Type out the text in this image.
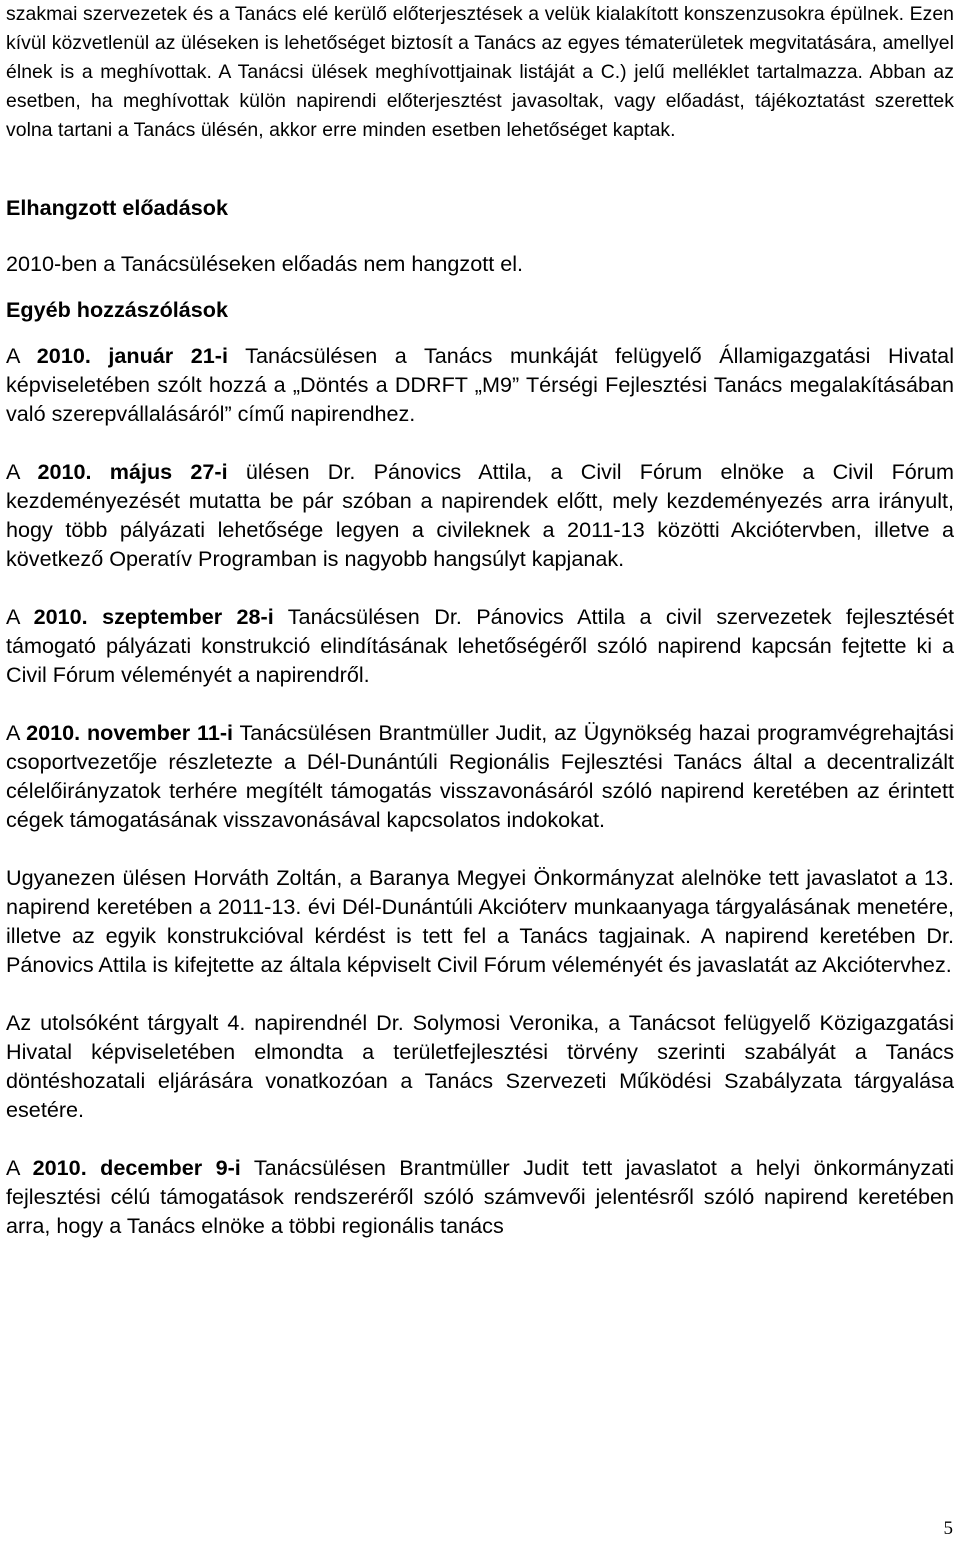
szakmai szervezetek és a Tanács elé kerülő előterjesztések a velük kialakított konszenzusokra épülnek. Ezen kívül közvetlenül az üléseken is lehetőséget biztosít a Tanács az egyes tématerületek megvitatására, amellyel élnek is a meghívottak. A Tanácsi ülések meghívottjainak listáját a C.) jelű melléklet tartalmazza. Abban az esetben, ha meghívottak külön napirendi előterjesztést javasoltak, vagy előadást, tájékoztatást szerettek volna tartani a Tanács ülésén, akkor erre minden esetben lehetőséget kaptak.

Elhangzott előadások

2010-ben a Tanácsüléseken előadás nem hangzott el.

Egyéb hozzászólások

A 2010. január 21-i Tanácsülésen a Tanács munkáját felügyelő Államigazgatási Hivatal képviseletében szólt hozzá a „Döntés a DDRFT „M9” Térségi Fejlesztési Tanács megalakításában való szerepvállalásáról” című napirendhez.

A 2010. május 27-i ülésen Dr. Pánovics Attila, a Civil Fórum elnöke a Civil Fórum kezdeményezését mutatta be pár szóban a napirendek előtt, mely kezdeményezés arra irányult, hogy több pályázati lehetősége legyen a civileknek a 2011-13 közötti Akciótervben, illetve a következő Operatív Programban is nagyobb hangsúlyt kapjanak.

A 2010. szeptember 28-i Tanácsülésen Dr. Pánovics Attila a civil szervezetek fejlesztését támogató pályázati konstrukció elindításának lehetőségéről szóló napirend kapcsán fejtette ki a Civil Fórum véleményét a napirendről.

A 2010. november 11-i Tanácsülésen Brantmüller Judit, az Ügynökség hazai programvégrehajtási csoportvezetője részletezte a Dél-Dunántúli Regionális Fejlesztési Tanács által a decentralizált célelőirányzatok terhére megítélt támogatás visszavonásáról szóló napirend keretében az érintett cégek támogatásának visszavonásával kapcsolatos indokokat.

Ugyanezen ülésen Horváth Zoltán, a Baranya Megyei Önkormányzat alelnöke tett javaslatot a 13. napirend keretében a 2011-13. évi Dél-Dunántúli Akcióterv munkaanyaga tárgyalásának menetére, illetve az egyik konstrukcióval kérdést is tett fel a Tanács tagjainak. A napirend keretében Dr. Pánovics Attila is kifejtette az általa képviselt Civil Fórum véleményét és javaslatát az Akciótervhez.

Az utolsóként tárgyalt 4. napirendnél Dr. Solymosi Veronika, a Tanácsot felügyelő Közigazgatási Hivatal képviseletében elmondta a területfejlesztési törvény szerinti szabályát a Tanács döntéshozatali eljárására vonatkozóan a Tanács Szervezeti Működési Szabályzata tárgyalása esetére.

A 2010. december 9-i Tanácsülésen Brantmüller Judit tett javaslatot a helyi önkormányzati fejlesztési célú támogatások rendszeréről szóló számvevői jelentésről szóló napirend keretében arra, hogy a Tanács elnöke a többi regionális tanács

5
